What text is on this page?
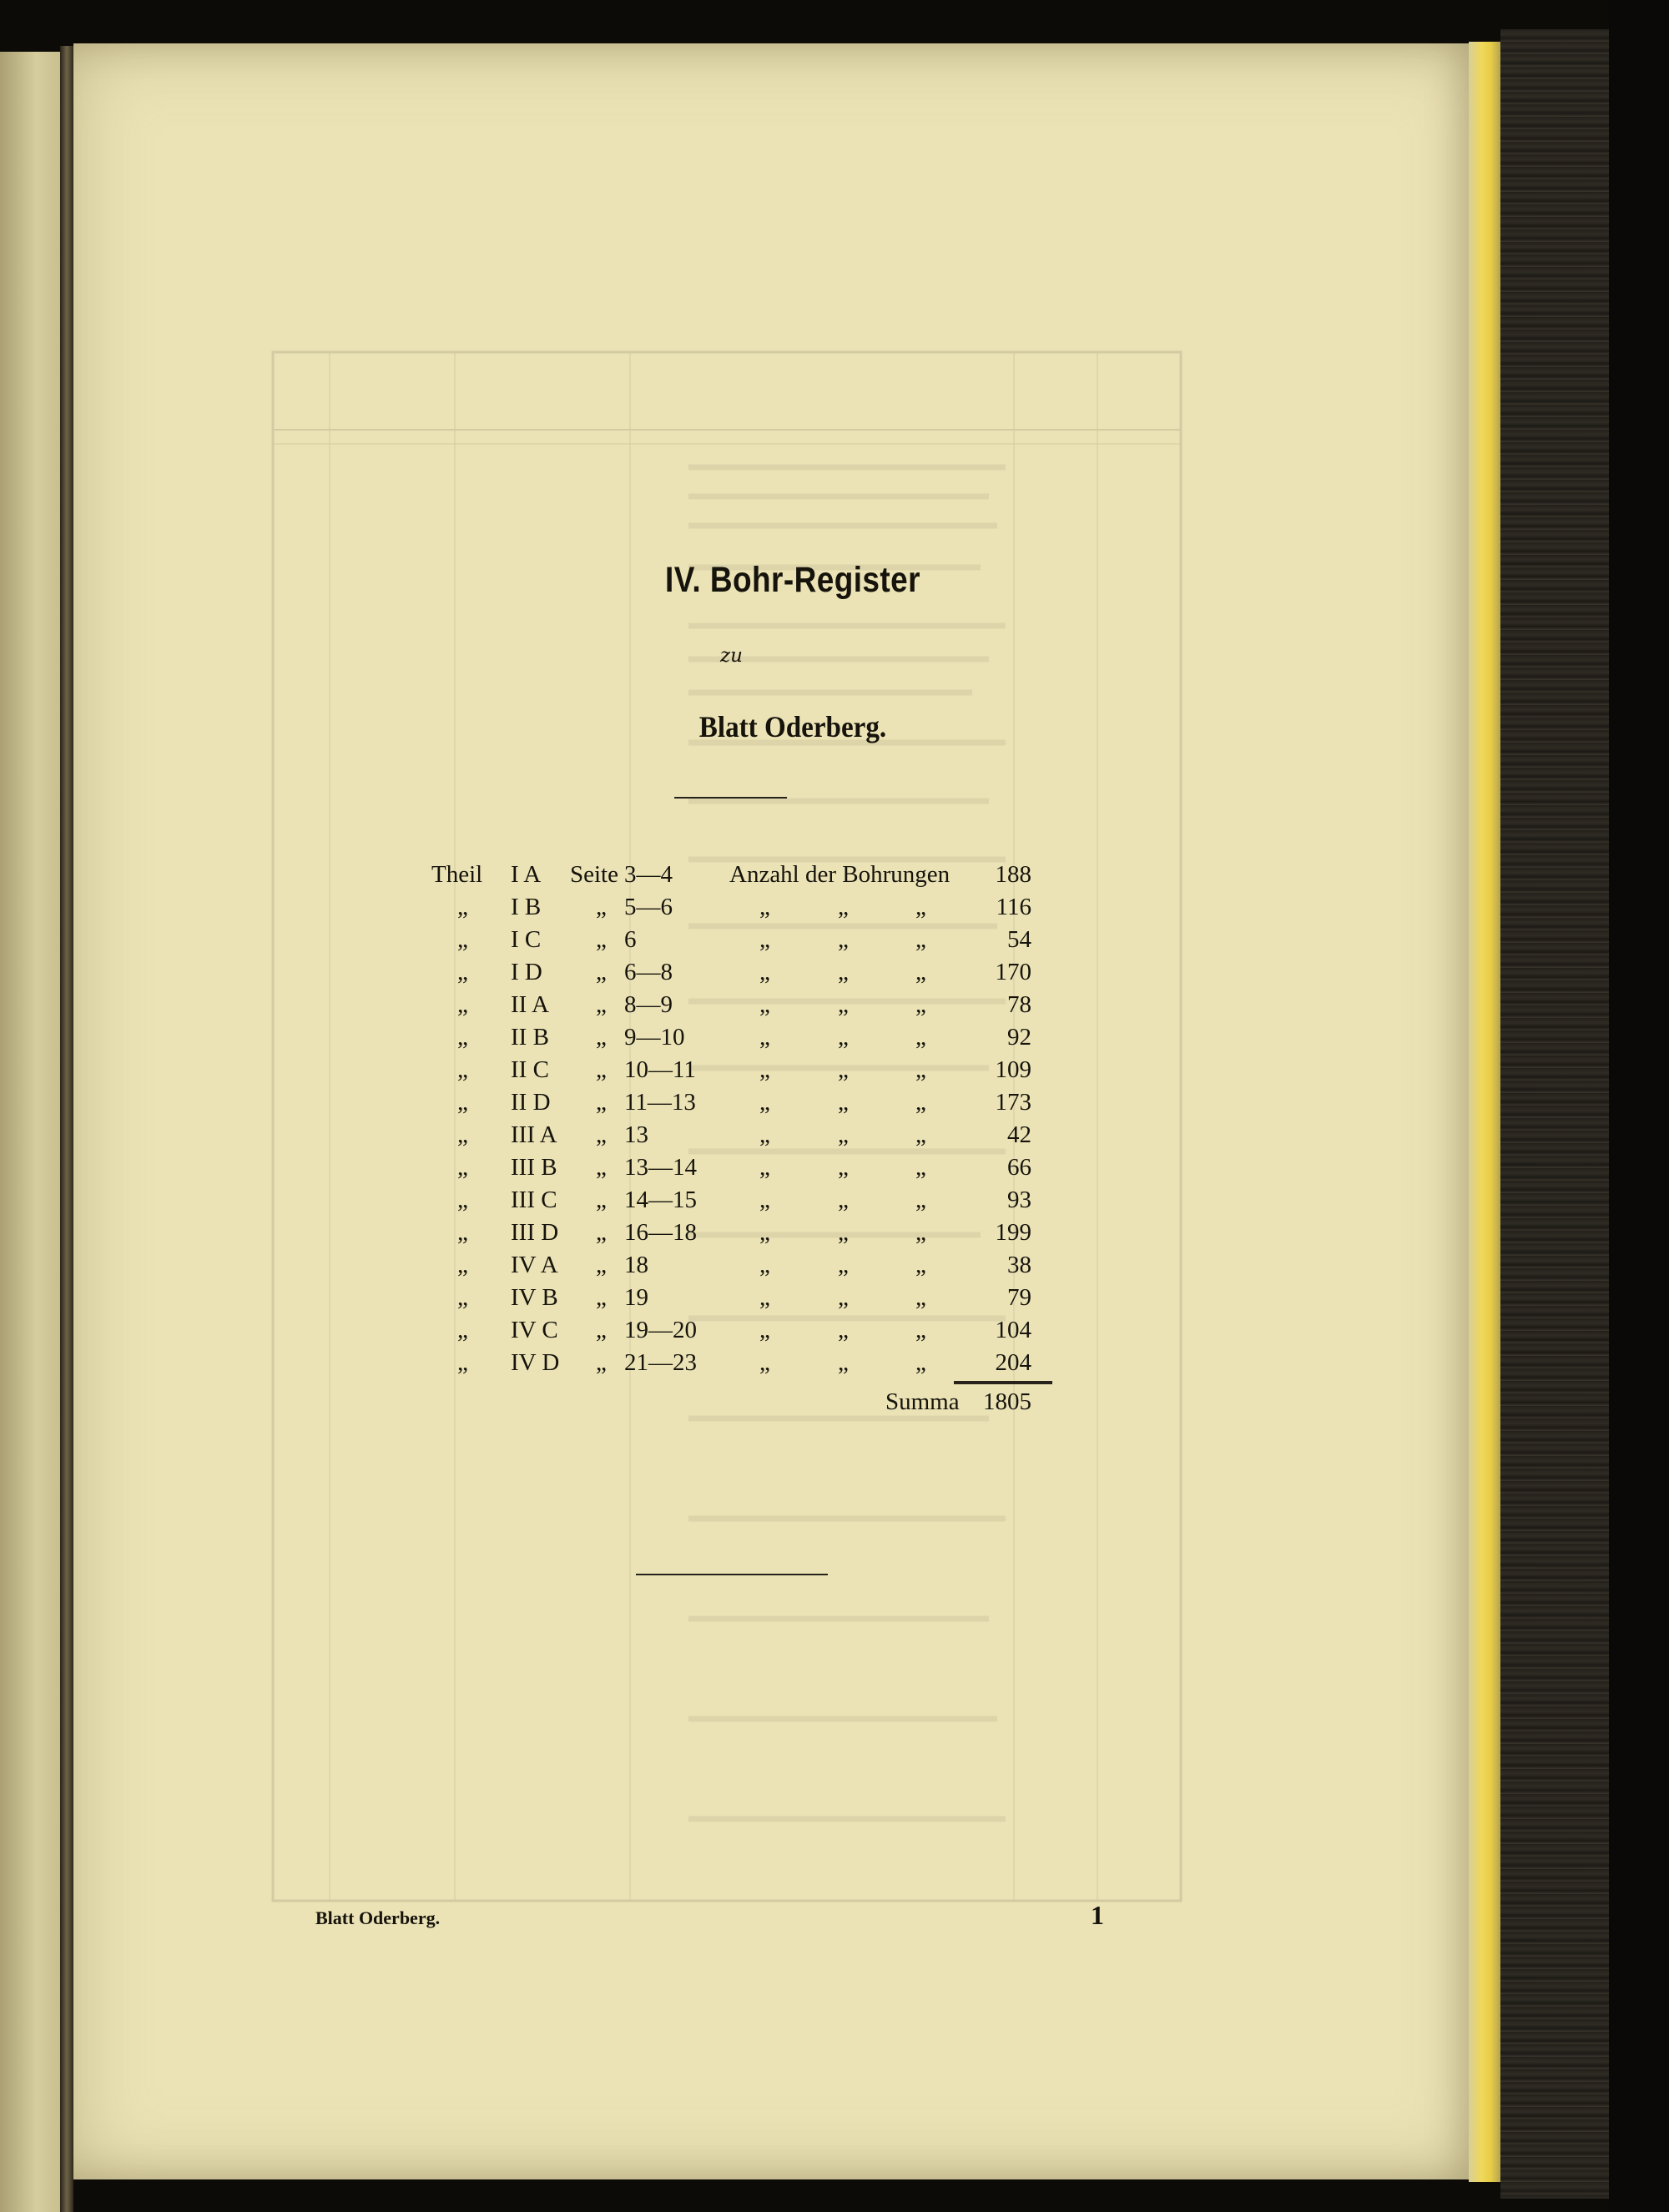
IV. Bohr-Register
zu
Blatt Oderberg.
Theil I A Seite 3—4 Anzahl der Bohrungen	188
„ I B „ 5—6	„	„	„	116
„ I C „ 6	„	„	„	54
„ I D „ 6—8	„	„	„	170
„ II A „ 8—9	„	„	„	78
„ II B „ 9—10	„	„	„	92
„ II C „ 10—11	„	„	„	109
„ II D „ 11—13	„	„	„	173
„ III A „ 13	„	„	„	42
„ III B „ 13—14	„	„	„	66
„ III C „ 14—15	„	„	„	93
„ III D „ 16—18	„	„	„	199
„ IV A „ 18	„	„	„	38
„ IV B „ 19	„	„	„	79
„ IV C „ 19—20	„	„	„	104
„ IV D „ 21—23	„	„	„	204
Summa 1805
Blatt Oderberg.	1
